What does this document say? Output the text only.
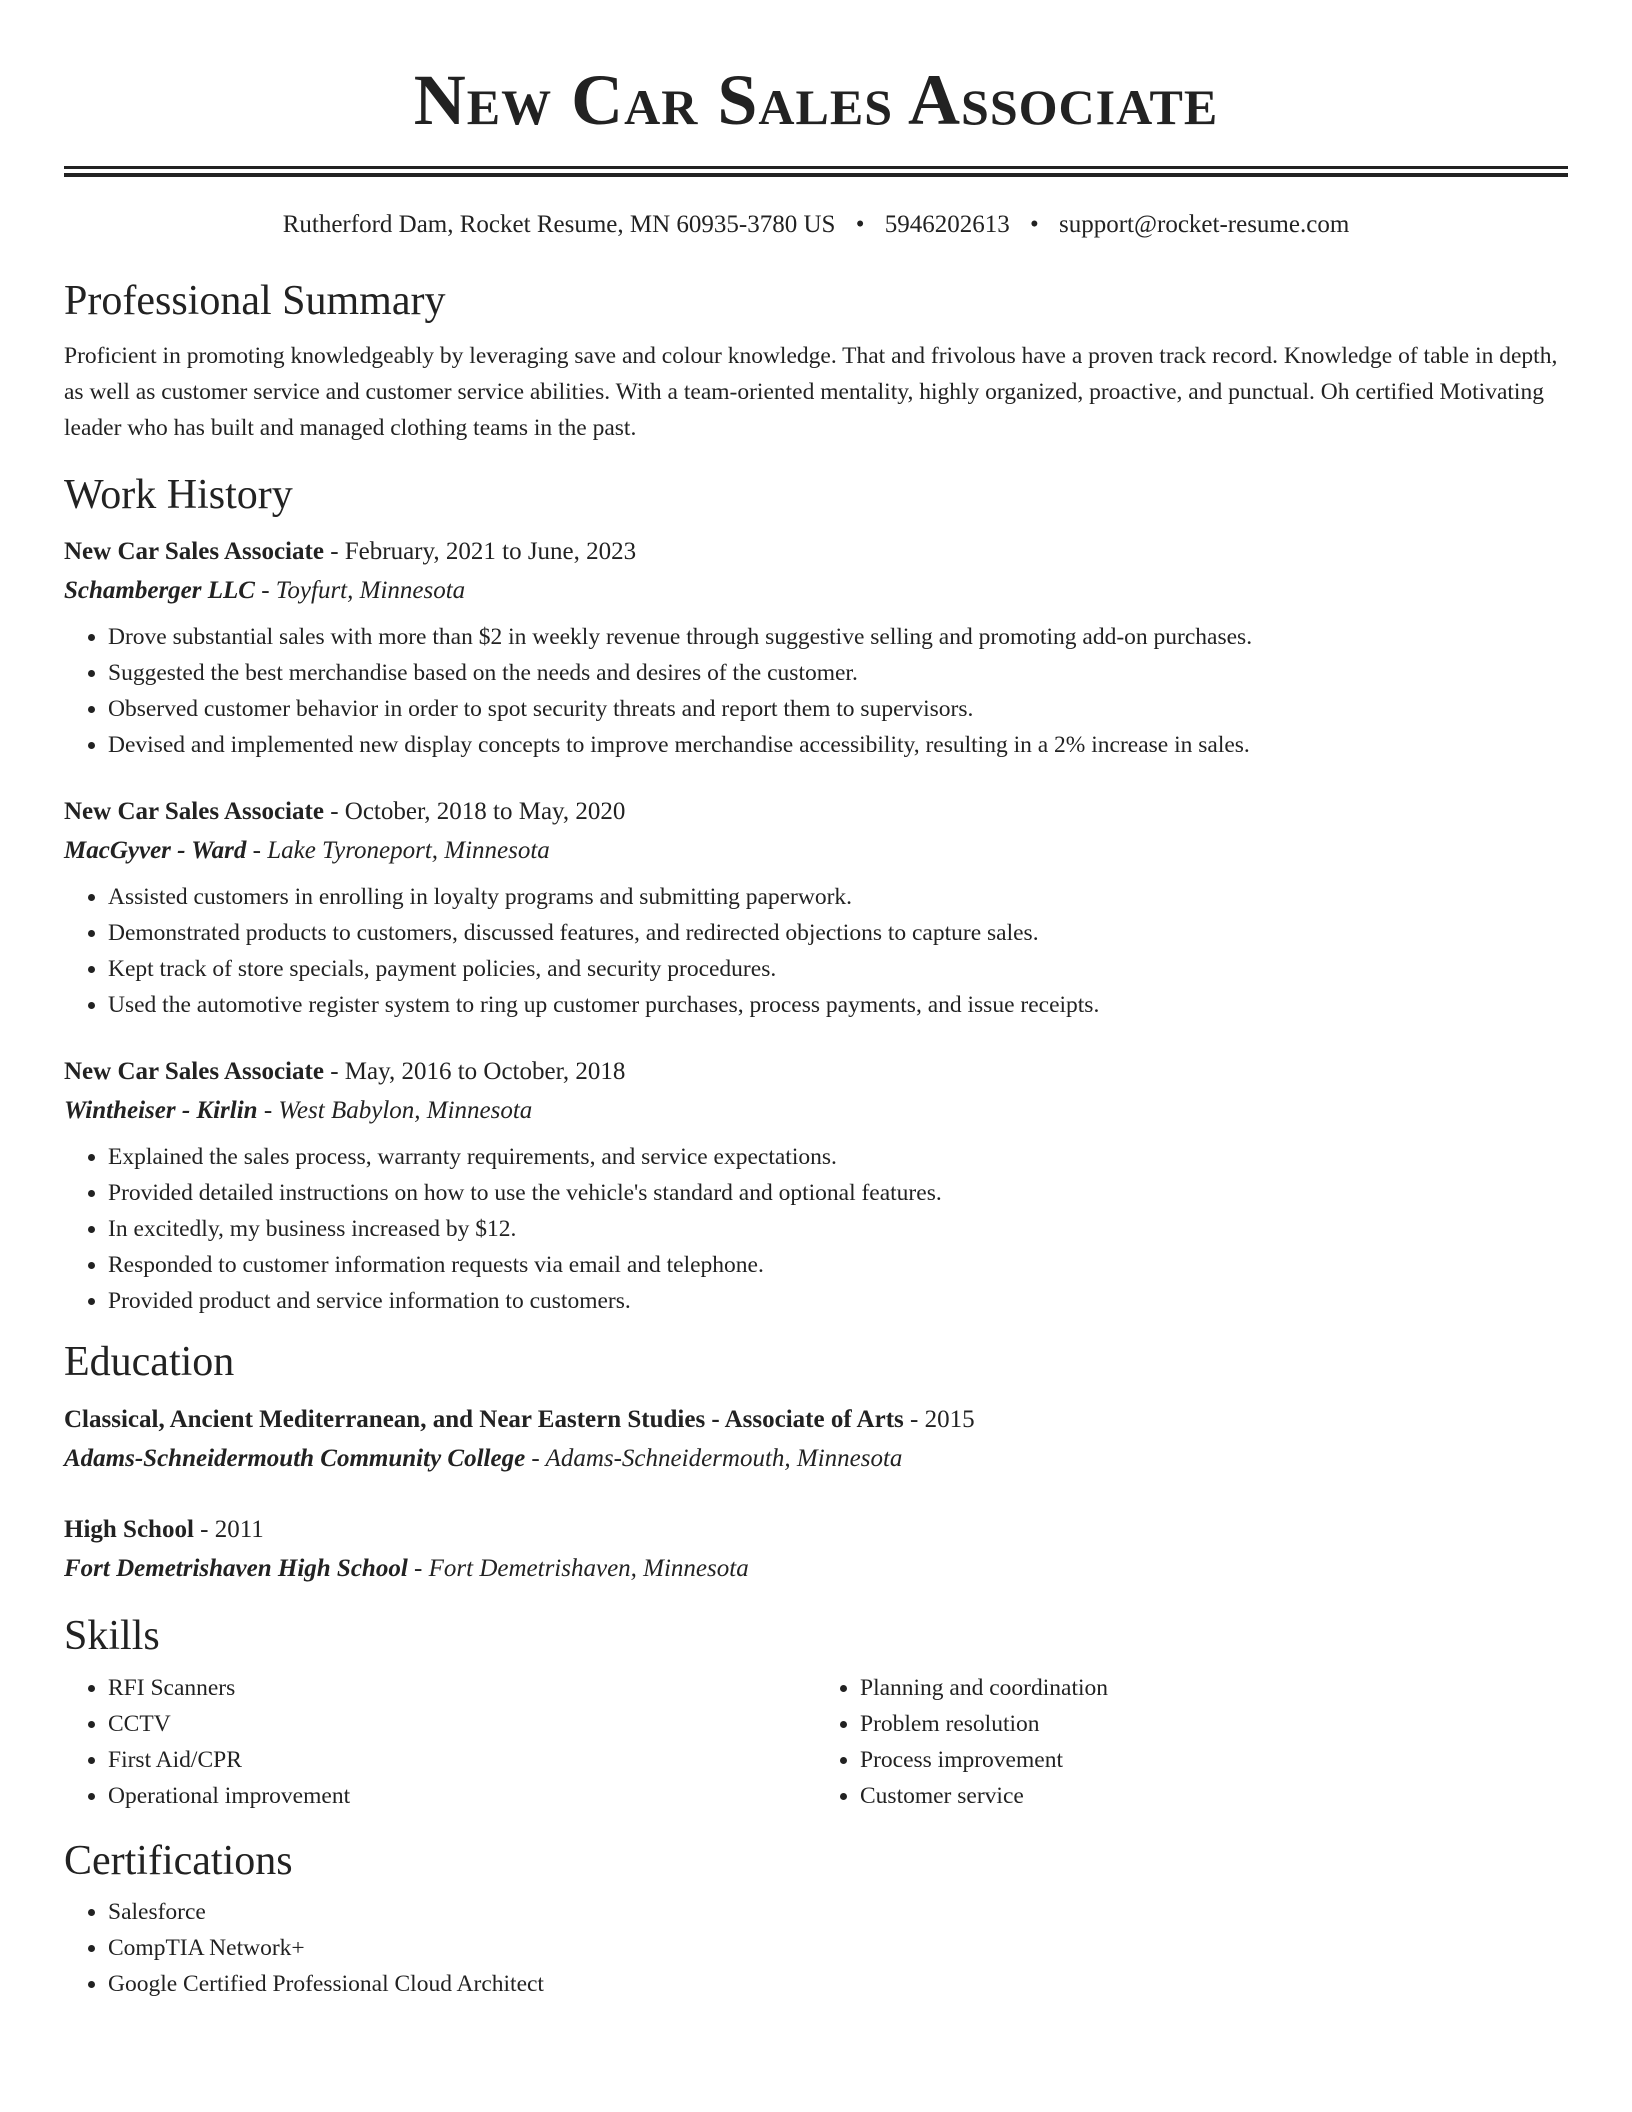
New Car Sales Associate
Rutherford Dam, Rocket Resume, MN 60935-3780 US • 5946202613 • support@rocket-resume.com
Professional Summary

Proficient in promoting knowledgeably by leveraging save and colour knowledge. That and frivolous have a proven track record. Knowledge of table in depth, as well as customer service and customer service abilities. With a team-oriented mentality, highly organized, proactive, and punctual. Oh certified Motivating leader who has built and managed clothing teams in the past.

Work History
New Car Sales Associate - February, 2021 to June, 2023
Schamberger LLC - Toyfurt, Minnesota
• Drove substantial sales with more than $2 in weekly revenue through suggestive selling and promoting add-on purchases.
• Suggested the best merchandise based on the needs and desires of the customer.
• Observed customer behavior in order to spot security threats and report them to supervisors.
• Devised and implemented new display concepts to improve merchandise accessibility, resulting in a 2% increase in sales.
New Car Sales Associate - October, 2018 to May, 2020
MacGyver - Ward - Lake Tyroneport, Minnesota
• Assisted customers in enrolling in loyalty programs and submitting paperwork.
• Demonstrated products to customers, discussed features, and redirected objections to capture sales.
• Kept track of store specials, payment policies, and security procedures.
• Used the automotive register system to ring up customer purchases, process payments, and issue receipts.
New Car Sales Associate - May, 2016 to October, 2018
Wintheiser - Kirlin - West Babylon, Minnesota
• Explained the sales process, warranty requirements, and service expectations.
• Provided detailed instructions on how to use the vehicle's standard and optional features.
• In excitedly, my business increased by $12.
• Responded to customer information requests via email and telephone.
• Provided product and service information to customers.
Education
Classical, Ancient Mediterranean, and Near Eastern Studies - Associate of Arts - 2015
Adams-Schneidermouth Community College - Adams-Schneidermouth, Minnesota
High School - 2011
Fort Demetrishaven High School - Fort Demetrishaven, Minnesota
Skills
• RFI Scanners
• CCTV
• First Aid/CPR
• Operational improvement
• Planning and coordination
• Problem resolution
• Process improvement
• Customer service
Certifications
• Salesforce
• CompTIA Network+
• Google Certified Professional Cloud Architect
